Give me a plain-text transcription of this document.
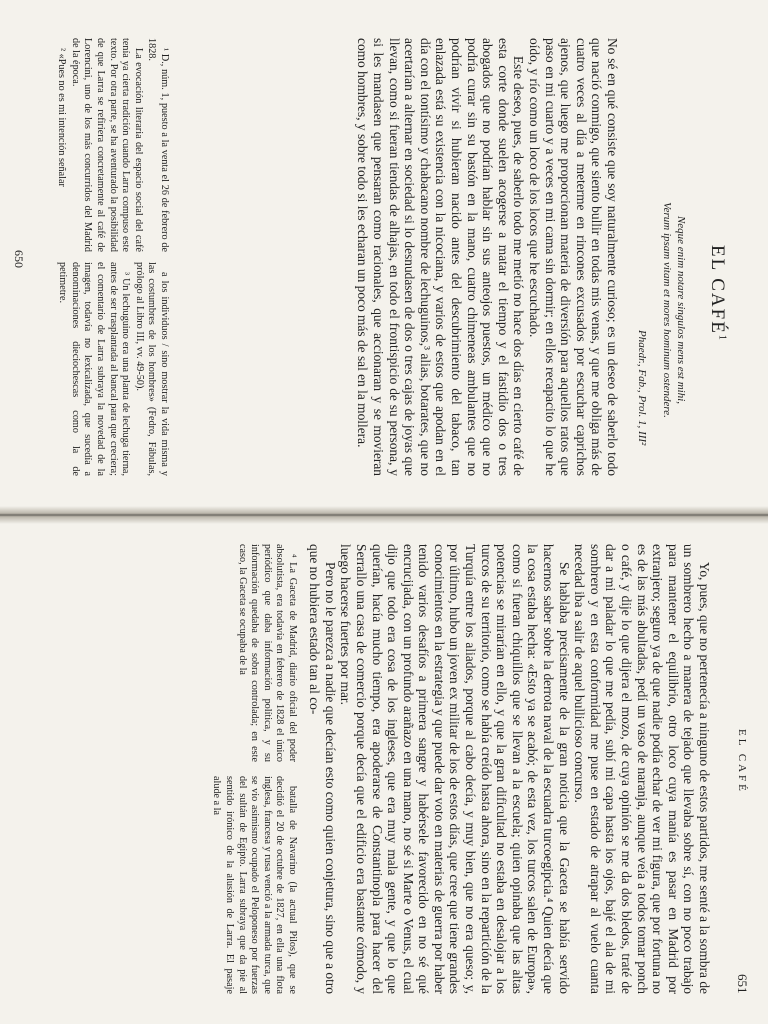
EL CAFÉ$^1$
Neque enim notare singulos mens est mihi,
Verum ipsam vitam et mores hominum ostendere.
Phaedr., Fab., Prol. 1, III²

No sé en qué consiste que soy naturalmente curioso; es un deseo de saberlo todo que nació conmigo, que siento bullir en todas mis venas, y que me obliga más de cuatro veces al día a meterme en rincones excusados por escuchar caprichos ajenos, que luego me proporcionan materia de diversión para aquellos ratos que paso en mi cuarto y a veces en mi cama sin dormir; en ellos recapacito lo que he oído, y río como un loco de los locos que he escuchado.

Este deseo, pues, de saberlo todo me metió no hace dos días en cierto café de esta corte donde suelen acogerse a matar el tiempo y el fastidio dos o tres abogados que no podrían hablar sin sus anteojos puestos, un médico que no podría curar sin su bastón en la mano, cuatro chimeneas ambulantes que no podrían vivir si hubieran nacido antes del descubrimiento del tabaco, tan enlazada está su existencia con la nicociana, y varios de estos que apodan en el día con el tontísimo y chabacano nombre de lechuguinos,³ alias, botarates, que no acertarían a alternar en sociedad si lo desnudasen de dos o tres cajas de joyas que llevan, como si fueran tiendas de alhajas, en todo el frontispicio de su persona, y si les mandasen que pensaran como racionales, que accionaran y se movieran como hombres, y sobre todo si les echaran un poco más de sal en la mollera.

¹ D., núm. 1, puesto a la venta el 26 de febrero de 1828.

La evocación literaria del espacio social del café tenía ya cierta tradición cuando Larra compuso este texto. Por otra parte, se ha aventurado la posibilidad de que Larra se refiriera concretamente al café de Lorencini, uno de los más concurridos del Madrid de la época.

² «Pues no es mi intención señalar

a los individuos / sino mostrar la vida misma y las costumbres de los hombres» (Fedro, Fábulas, prólogo al Libro III, vv. 49-50).

³ Un lechuguino era una planta de lechuga tierna, antes de ser trasplantada al bancal para que creciera; el comentario de Larra subraya la novedad de la imagen, todavía no lexicalizada, que sucedía a denominaciones dieciochescas como la de petimetre.

650
EL CAFÉ
651

Yo, pues, que no pertenecía a ninguno de estos partidos, me senté a la sombra de un sombrero hecho a manera de tejado que llevaba sobre sí, con no poco trabajo para mantener el equilibrio, otro loco cuya manía es pasar en Madrid por extranjero; seguro ya de que nadie podía echar de ver mi figura, que por fortuna no es de las más abultadas, pedí un vaso de naranja, aunque veía a todos tomar ponch o café, y dije lo que dijera el mozo, de cuya opinión se me da dos bledos, traté de dar a mi paladar lo que me pedía, subí mi capa hasta los ojos, bajé el ala de mi sombrero y en esta conformidad me puse en estado de atrapar al vuelo cuanta necedad iba a salir de aquel bullicioso concurso.

Se hablaba precisamente de la gran noticia que la Gaceta se había servido hacernos saber sobre la derrota naval de la escuadra turcoegipcia.⁴ Quien decía que la cosa estaba hecha: «Esto ya se acabó; de esta vez, los turcos salen de Europa», como si fueran chiquillos que se llevan a la escuela; quien opinaba que las altas potencias se mirarían en ello, y que la gran dificultad no estaba en desalojar a los turcos de su territorio, como se había creído hasta ahora, sino en la repartición de la Turquía entre los aliados, porque al cabo decía, y muy bien, que no era queso; y, por último, hubo un joven ex militar de los de estos días, que cree que tiene grandes conocimientos en la estrategia y que puede dar voto en materias de guerra por haber tenido varios desafíos a primera sangre y habérsele favorecido en no sé qué encrucijada, con un profundo arañazo en una mano, no sé si Marte o Venus, el cual dijo que todo era cosa de los ingleses, que era muy mala gente, y que lo que querían, hacía mucho tiempo, era apoderarse de Constantinopla para hacer del Serrallo una casa de comercio porque decía que el edificio era bastante cómodo, y luego hacerse fuertes por mar.

Pero no le parezca a nadie que decían esto como quien conjetura, sino que a otro que no hubiera estado tan al co-

⁴ La Gaceta de Madrid, diario oficial del poder absolutista, era todavía en febrero de 1828 el único periódico que daba información política, y su información quedaba de sobra controlada; en este caso, la Gaceta se ocupaba de la

batalla de Navarino (la actual Pilos), que se decidió el 20 de octubre de 1827, en ella una flota inglesa, francesa y rusa venció a la armada turca, que se vio asimismo ocupado el Peloponeso por fuerzas del sultán de Egipto. Larra subraya que da pie al sentido irónico de la alusión de Larra. El pasaje alude a la
